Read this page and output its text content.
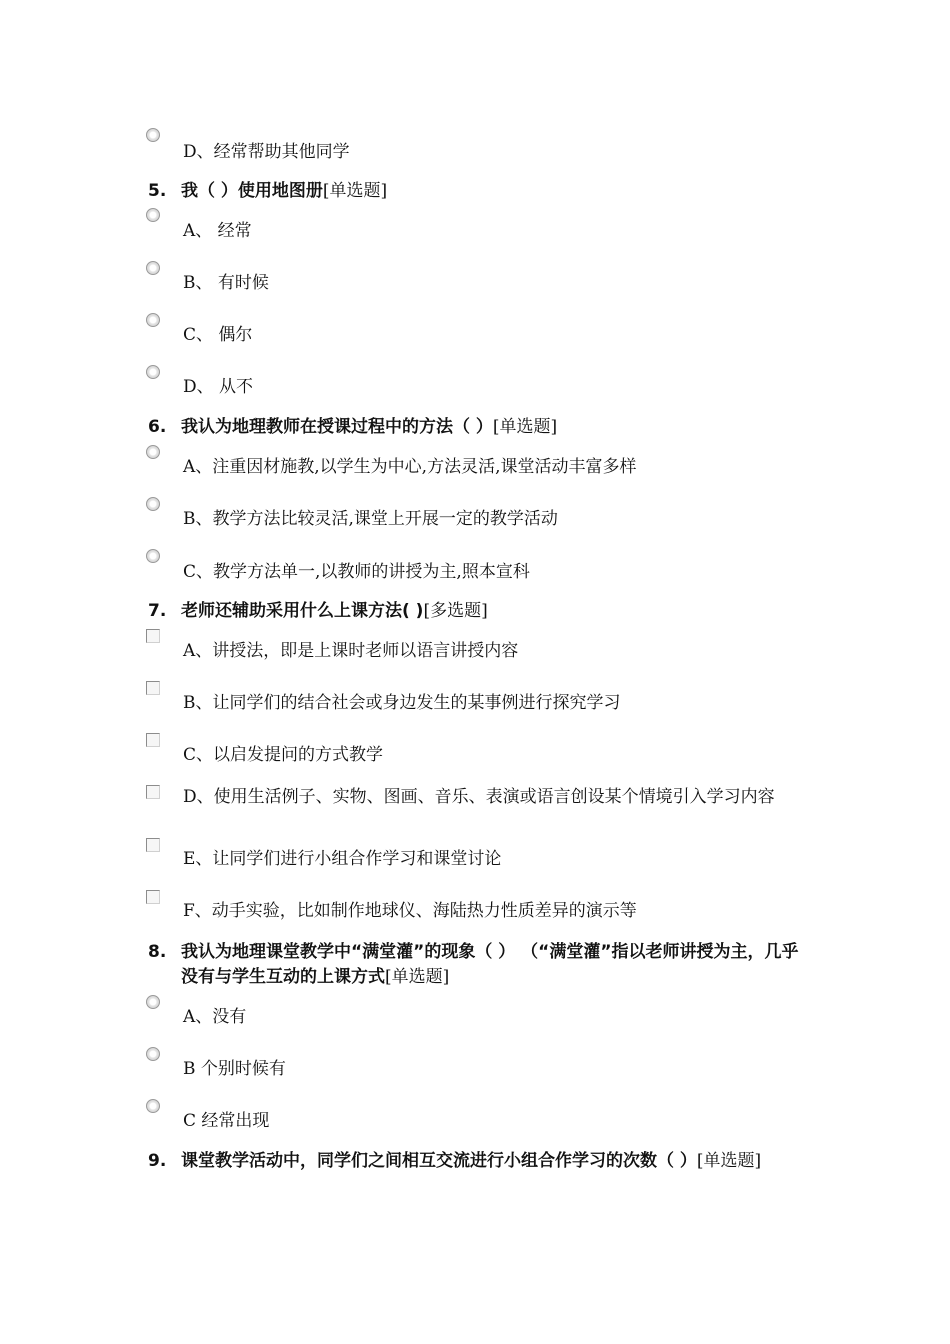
D、经常帮助其他同学
5. 我（ ）使用地图册[单选题]
A、 经常
B、 有时候
C、 偶尔
D、 从不
6. 我认为地理教师在授课过程中的方法（ ）[单选题]
A、注重因材施教,以学生为中心,方法灵活,课堂活动丰富多样
B、教学方法比较灵活,课堂上开展一定的教学活动
C、教学方法单一,以教师的讲授为主,照本宣科
7. 老师还辅助采用什么上课方法( )[多选题]
A、讲授法，即是上课时老师以语言讲授内容
B、让同学们的结合社会或身边发生的某事例进行探究学习
C、以启发提问的方式教学
D、使用生活例子、实物、图画、音乐、表演或语言创设某个情境引入学习内容
E、让同学们进行小组合作学习和课堂讨论
F、动手实验，比如制作地球仪、海陆热力性质差异的演示等
8. 我认为地理课堂教学中“满堂灌”的现象（ ） （“满堂灌”指以老师讲授为主，几乎没有与学生互动的上课方式[单选题]
A、没有
B 个别时候有
C 经常出现
9. 课堂教学活动中，同学们之间相互交流进行小组合作学习的次数（ ）[单选题]
